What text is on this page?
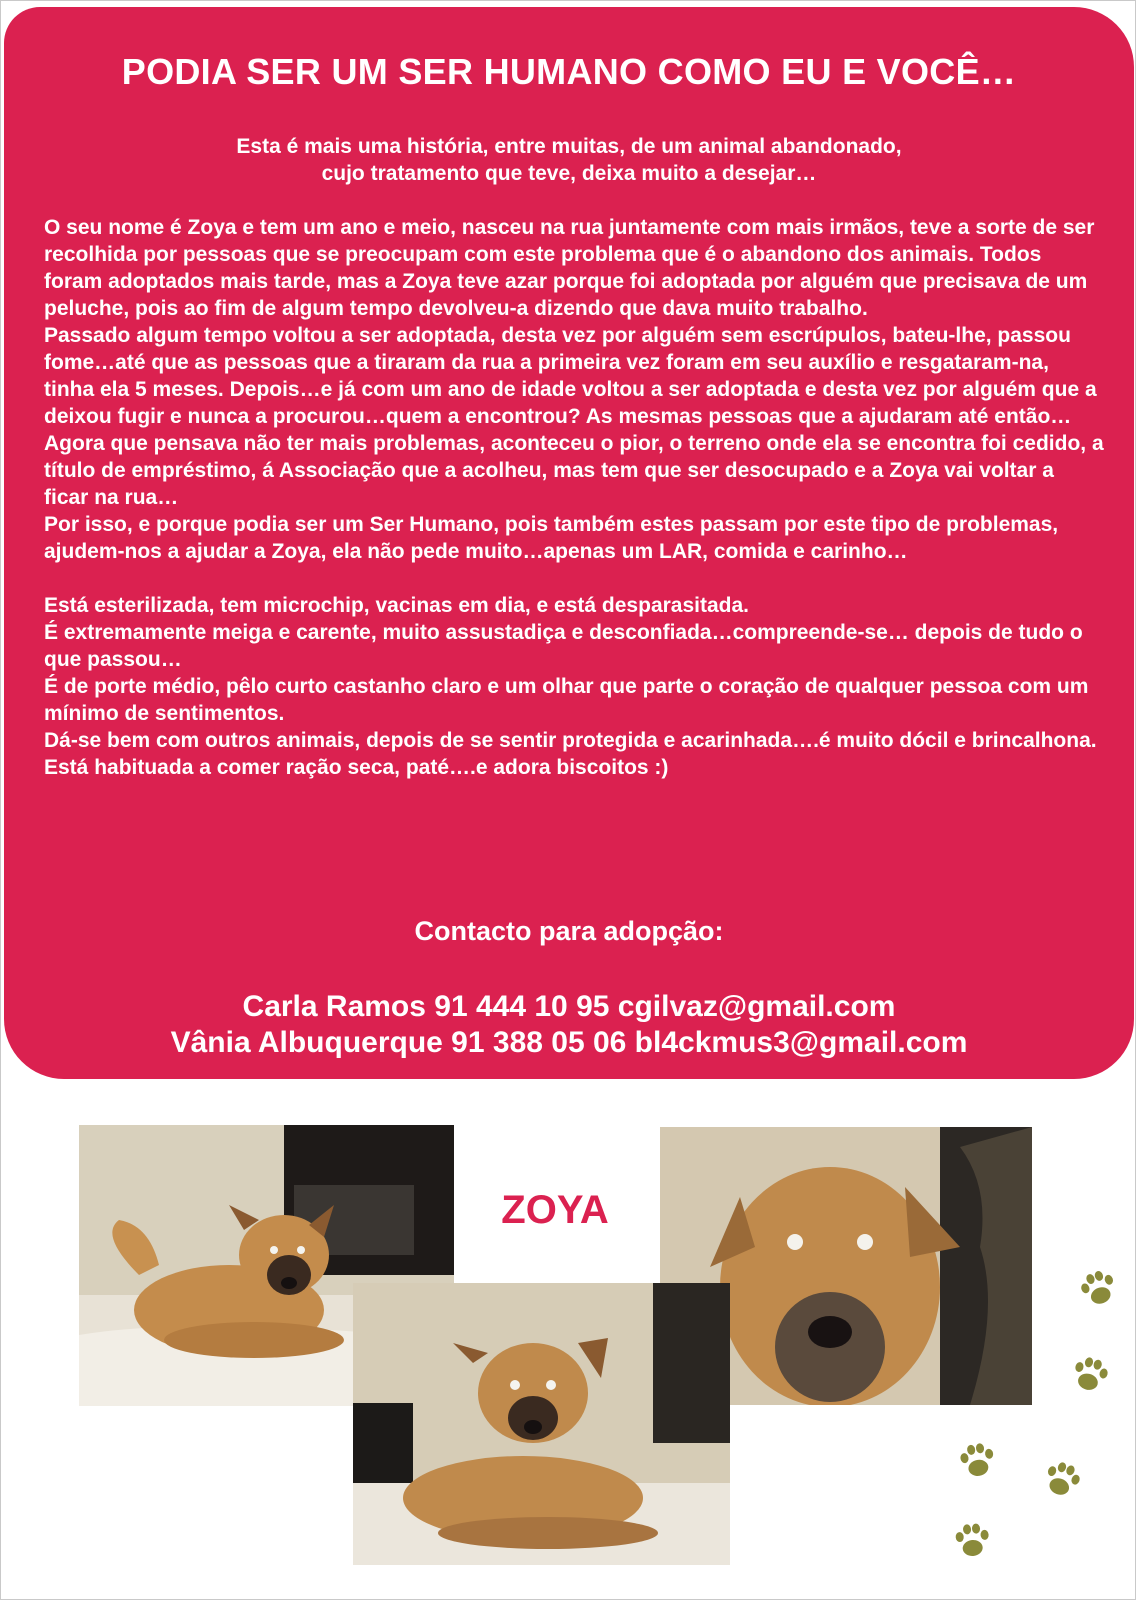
PODIA SER UM SER HUMANO COMO EU E VOCÊ…
Esta é mais uma história, entre muitas, de um animal abandonado,
cujo tratamento que teve, deixa muito a desejar…

O seu nome é Zoya e tem um ano e meio, nasceu na rua juntamente com mais irmãos, teve a sorte de ser recolhida por pessoas que se preocupam com este problema que é o abandono dos animais. Todos foram adoptados mais tarde, mas a Zoya teve azar porque foi adoptada por alguém que precisava de um peluche, pois ao fim de algum tempo devolveu-a dizendo que dava muito trabalho.

Passado algum tempo voltou a ser adoptada, desta vez por alguém sem escrúpulos, bateu-lhe, passou fome…até que as pessoas que a tiraram da rua a primeira vez foram em seu auxílio e resgataram-na, tinha ela 5 meses. Depois…e já com um ano de idade voltou a ser adoptada e desta vez por alguém que a deixou fugir e nunca a procurou…quem a encontrou? As mesmas pessoas que a ajudaram até então…Agora que pensava não ter mais problemas, aconteceu o pior, o terreno onde ela se encontra foi cedido, a título de empréstimo, á Associação que a acolheu, mas tem que ser desocupado e a Zoya vai voltar a ficar na rua…

Por isso, e porque podia ser um Ser Humano, pois também estes passam por este tipo de problemas, ajudem-nos a ajudar a Zoya, ela não pede muito…apenas um LAR, comida e carinho…

Está esterilizada, tem microchip, vacinas em dia, e está desparasitada.

É extremamente meiga e carente, muito assustadiça e desconfiada…compreende-se… depois de tudo o que passou…

É de porte médio, pêlo curto castanho claro e um olhar que parte o coração de qualquer pessoa com um mínimo de sentimentos.

Dá-se bem com outros animais, depois de se sentir protegida e acarinhada….é muito dócil e brincalhona.

Está habituada a comer ração seca, paté….e adora biscoitos :)

Contacto para adopção:
Carla Ramos 91 444 10 95 cgilvaz@gmail.com
Vânia Albuquerque 91 388 05 06 bl4ckmus3@gmail.com
ZOYA
